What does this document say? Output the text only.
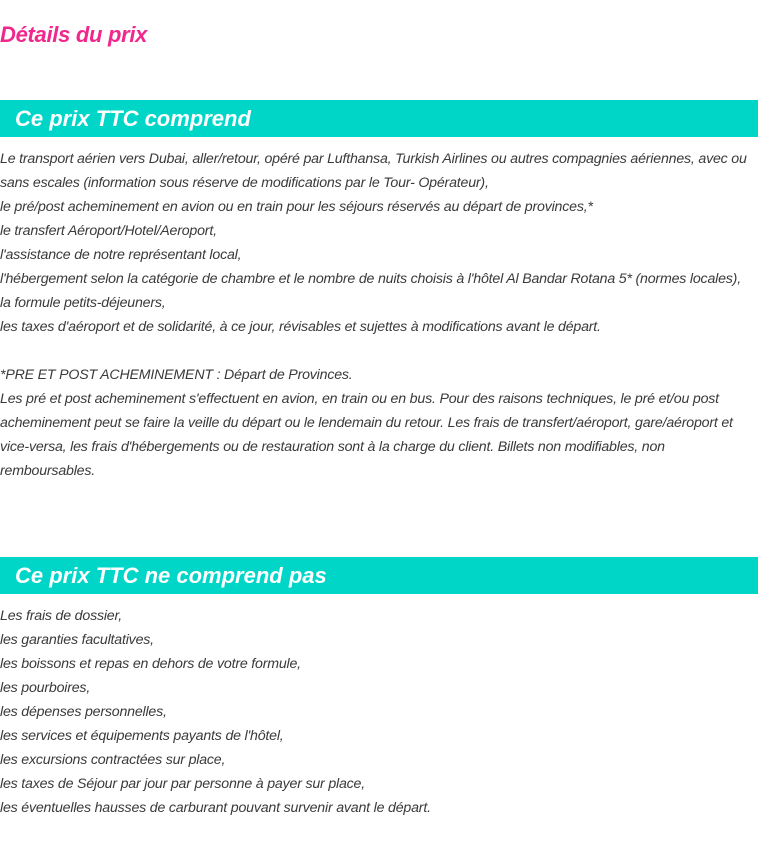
Détails du prix
Ce prix TTC comprend
Le transport aérien vers Dubai, aller/retour, opéré par Lufthansa, Turkish Airlines ou autres compagnies aériennes, avec ou sans escales (information sous réserve de modifications par le Tour- Opérateur),
le pré/post acheminement en avion ou en train pour les séjours réservés au départ de provinces,*
le transfert Aéroport/Hotel/Aeroport,
l'assistance de notre représentant local,
l'hébergement selon la catégorie de chambre et le nombre de nuits choisis à l'hôtel Al Bandar Rotana 5* (normes locales),
la formule petits-déjeuners,
les taxes d'aéroport et de solidarité, à ce jour, révisables et sujettes à modifications avant le départ.
*PRE ET POST ACHEMINEMENT : Départ de Provinces.
Les pré et post acheminement s'effectuent en avion, en train ou en bus. Pour des raisons techniques, le pré et/ou post acheminement peut se faire la veille du départ ou le lendemain du retour. Les frais de transfert/aéroport, gare/aéroport et vice-versa, les frais d'hébergements ou de restauration sont à la charge du client. Billets non modifiables, non remboursables.
Ce prix TTC ne comprend pas
Les frais de dossier,
les garanties facultatives,
les boissons et repas en dehors de votre formule,
les pourboires,
les dépenses personnelles,
les services et équipements payants de l'hôtel,
les excursions contractées sur place,
les taxes de Séjour par jour par personne à payer sur place,
les éventuelles hausses de carburant pouvant survenir avant le départ.
